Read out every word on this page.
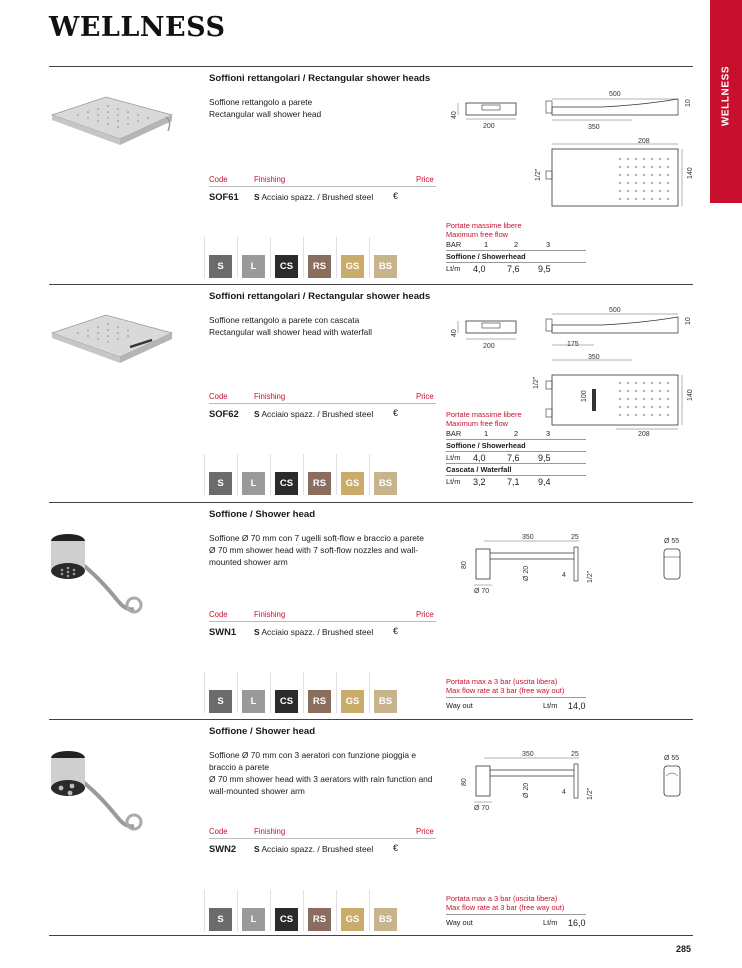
WELLNESS
WELLNESS
Soffioni rettangolari / Rectangular shower heads

Soffione rettangolo a parete

Rectangular wall shower head	40
200
500
10
350
208
1/2"	140
Code	Finishing	Price
SOF61 S Acciaio spazz. / Brushed steel €
Portate massime libere
Maximum free flow
BAR	1	2	3
Soffione / Showerhead
Lt/m 4,0 7,6 9,5
Soffioni rettangolari / Rectangular shower heads

Soffione rettangolo a parete con cascata

Rectangular wall shower head with waterfall	40
200
500
10
175
350
1/2"
100	140
208
Code	Finishing	Price
SOF62 S Acciaio spazz. / Brushed steel €	Portate massime libere
Maximum free flow
BAR	1	2	3
Soffione / Showerhead
Lt/m 4,0 7,6 9,5
Cascata / Waterfall
Lt/m 3,2 7,1 9,4
Soffione / Shower head

Soffione Ø 70 mm con 7 ugelli soft-flow e braccio a parete

Ø 70 mm shower head with 7 soft-flow nozzles and wall-mounted shower arm

350	25
80
Ø 20	4	1/2"
Ø 70
Ø 55
Code	Finishing	Price
SWN1 S Acciaio spazz. / Brushed steel €
Portata max a 3 bar (uscita libera)
Max flow rate at 3 bar (free way out)
Way out	Lt/m 14,0
Soffione / Shower head

Soffione Ø 70 mm con 3 aeratori con funzione pioggia e braccio a parete

Ø 70 mm shower head with 3 aerators with rain function and wall-mounted shower arm

350	25
80
Ø 20	4	1/2"
Ø 70
Ø 55
Code	Finishing	Price
SWN2 S Acciaio spazz. / Brushed steel €
Portata max a 3 bar (uscita libera)
Max flow rate at 3 bar (free way out)
Way out	Lt/m 16,0
S	L	CS	RS	GS	BS
S	L	CS	RS	GS	BS
S	L	CS	RS	GS	BS
S	L	CS	RS	GS	BS
285
